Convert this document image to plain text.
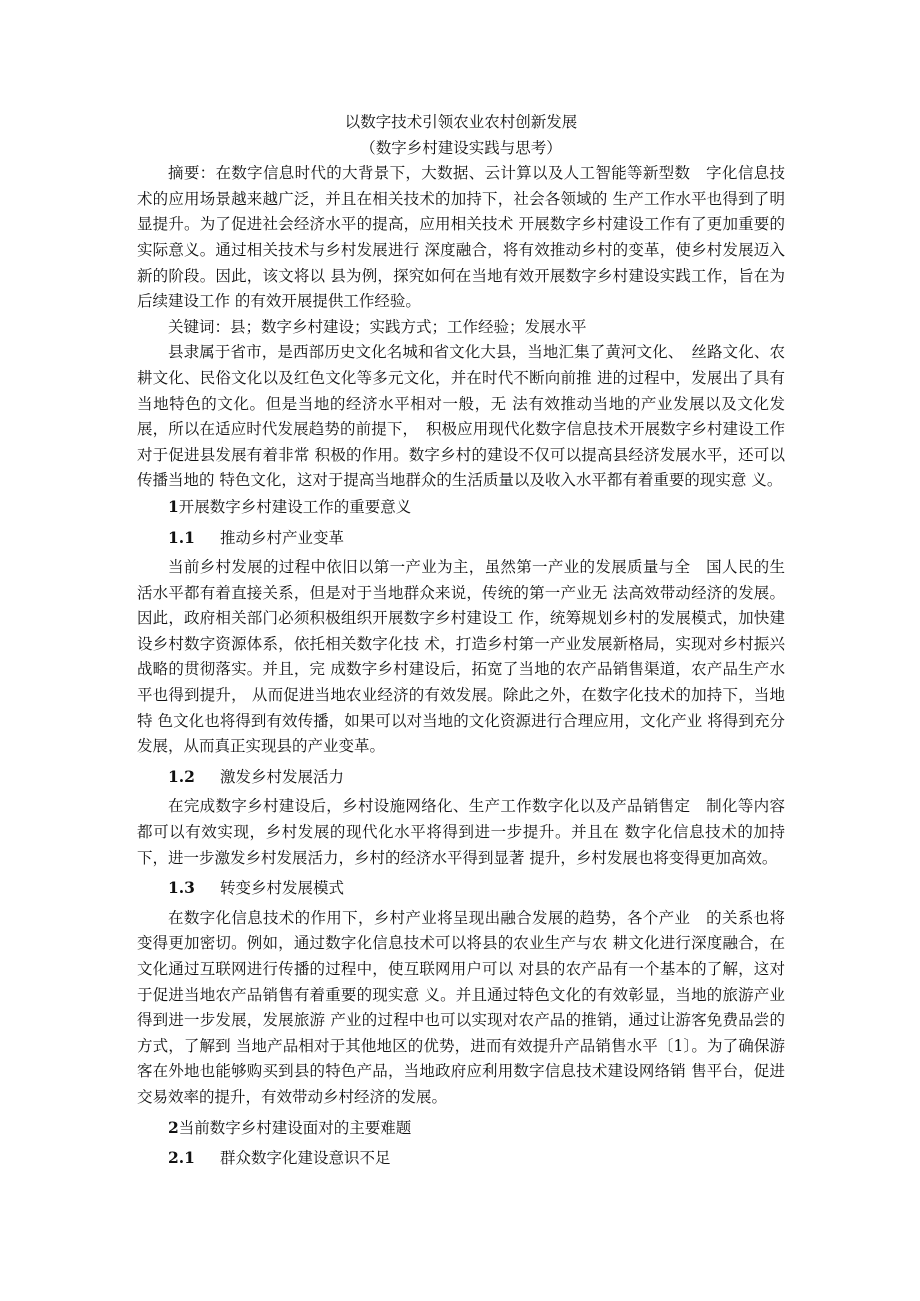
以数字技术引领农业农村创新发展
（数字乡村建设实践与思考）

摘要：在数字信息时代的大背景下，大数据、云计算以及人工智能等新型数　字化信息技术的应用场景越来越广泛，并且在相关技术的加持下，社会各领域的 生产工作水平也得到了明显提升。为了促进社会经济水平的提高，应用相关技术 开展数字乡村建设工作有了更加重要的实际意义。通过相关技术与乡村发展进行 深度融合，将有效推动乡村的变革，使乡村发展迈入新的阶段。因此，该文将以 县为例，探究如何在当地有效开展数字乡村建设实践工作，旨在为后续建设工作 的有效开展提供工作经验。

关键词：县；数字乡村建设；实践方式；工作经验；发展水平

县隶属于省市，是西部历史文化名城和省文化大县，当地汇集了黄河文化、　丝路文化、农耕文化、民俗文化以及红色文化等多元文化，并在时代不断向前推 进的过程中，发展出了具有当地特色的文化。但是当地的经济水平相对一般，无 法有效推动当地的产业发展以及文化发展，所以在适应时代发展趋势的前提下，　积极应用现代化数字信息技术开展数字乡村建设工作对于促进县发展有着非常 积极的作用。数字乡村的建设不仅可以提高县经济发展水平，还可以传播当地的 特色文化，这对于提高当地群众的生活质量以及收入水平都有着重要的现实意 义。

1开展数字乡村建设工作的重要意义
1.1 推动乡村产业变革

当前乡村发展的过程中依旧以第一产业为主，虽然第一产业的发展质量与全　国人民的生活水平都有着直接关系，但是对于当地群众来说，传统的第一产业无 法高效带动经济的发展。因此，政府相关部门必须积极组织开展数字乡村建设工 作，统筹规划乡村的发展模式，加快建设乡村数字资源体系，依托相关数字化技 术，打造乡村第一产业发展新格局，实现对乡村振兴战略的贯彻落实。并且，完 成数字乡村建设后，拓宽了当地的农产品销售渠道，农产品生产水平也得到提升， 从而促进当地农业经济的有效发展。除此之外，在数字化技术的加持下，当地特 色文化也将得到有效传播，如果可以对当地的文化资源进行合理应用，文化产业 将得到充分发展，从而真正实现县的产业变革。

1.2 激发乡村发展活力

在完成数字乡村建设后，乡村设施网络化、生产工作数字化以及产品销售定　制化等内容都可以有效实现，乡村发展的现代化水平将得到进一步提升。并且在 数字化信息技术的加持下，进一步激发乡村发展活力，乡村的经济水平得到显著 提升，乡村发展也将变得更加高效。

1.3 转变乡村发展模式

在数字化信息技术的作用下，乡村产业将呈现出融合发展的趋势，各个产业　的关系也将变得更加密切。例如，通过数字化信息技术可以将县的农业生产与农 耕文化进行深度融合，在文化通过互联网进行传播的过程中，使互联网用户可以 对县的农产品有一个基本的了解，这对于促进当地农产品销售有着重要的现实意 义。并且通过特色文化的有效彰显，当地的旅游产业得到进一步发展，发展旅游 产业的过程中也可以实现对农产品的推销，通过让游客免费品尝的方式，了解到 当地产品相对于其他地区的优势，进而有效提升产品销售水平〔1〕。为了确保游 客在外地也能够购买到县的特色产品，当地政府应利用数字信息技术建设网络销 售平台，促进交易效率的提升，有效带动乡村经济的发展。

2当前数字乡村建设面对的主要难题
2.1 群众数字化建设意识不足
